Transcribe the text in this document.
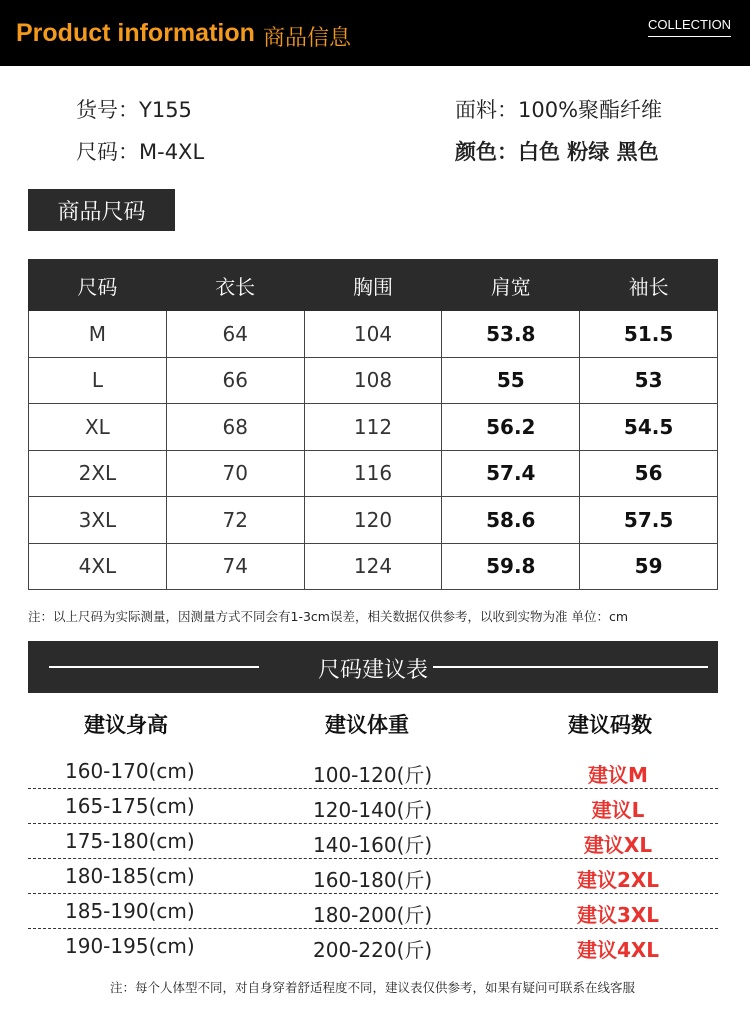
Product information 商品信息
COLLECTION
货号：Y155
尺码：M-4XL
面料：100%聚酯纤维
颜色：白色 粉绿 黑色
商品尺码
尺码	衣长	胸围	肩宽	袖长
M	64	104	53.8	51.5
L	66	108	55	53
XL	68	112	56.2	54.5
2XL	70	116	57.4	56
3XL	72	120	58.6	57.5
4XL	74	124	59.8	59
注：以上尺码为实际测量，因测量方式不同会有1-3cm误差，相关数据仅供参考，以收到实物为准 单位：cm
尺码建议表
建议身高	建议体重	建议码数
160-170(cm)	100-120(斤)	建议M
165-175(cm)	120-140(斤)	建议L
175-180(cm)	140-160(斤)	建议XL
180-185(cm)	160-180(斤)	建议2XL
185-190(cm)	180-200(斤)	建议3XL
190-195(cm)	200-220(斤)	建议4XL
注：每个人体型不同，对自身穿着舒适程度不同，建议表仅供参考，如果有疑问可联系在线客服
